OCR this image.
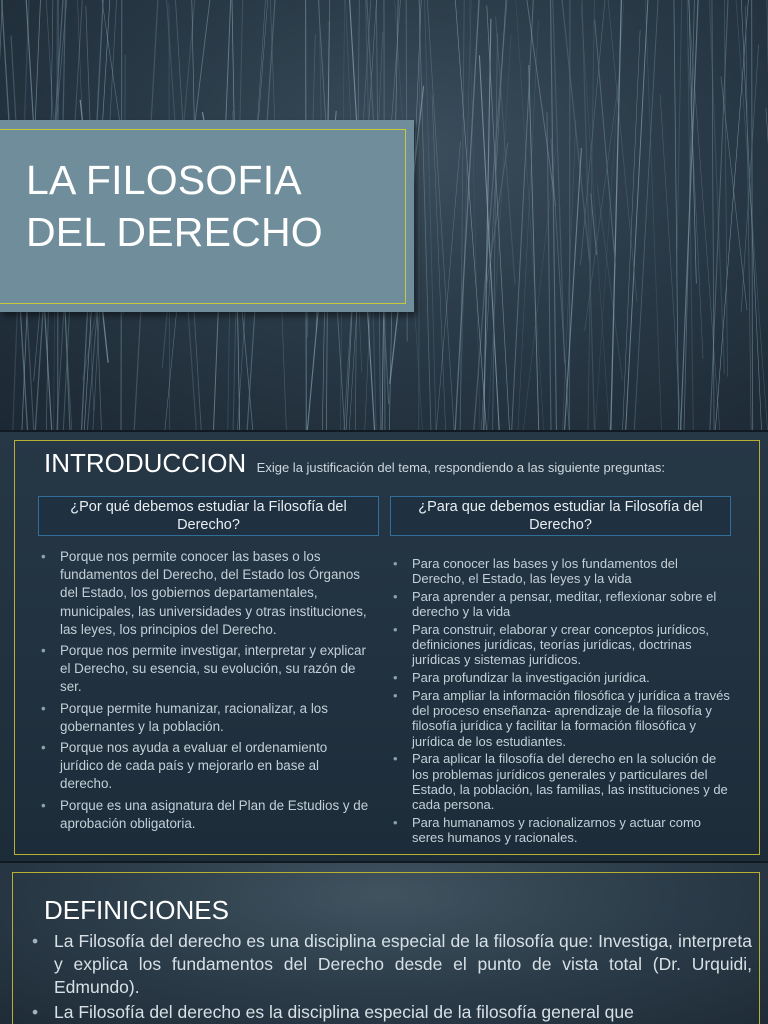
LA FILOSOFIA
DEL DERECHO
INTRODUCCION Exige la justificación del tema, respondiendo a las siguiente preguntas:
¿Por qué debemos estudiar la Filosofía del Derecho?
¿Para que debemos estudiar la Filosofía del Derecho?
• Porque nos permite conocer las bases o los fundamentos del Derecho, del Estado los Órganos del Estado, los gobiernos departamentales, municipales, las universidades y otras instituciones, las leyes, los principios del Derecho.
• Porque nos permite investigar, interpretar y explicar el Derecho, su esencia, su evolución, su razón de ser.
• Porque permite humanizar, racionalizar, a los gobernantes y la población.
• Porque nos ayuda a evaluar el ordenamiento jurídico de cada país y mejorarlo en base al derecho.
• Porque es una asignatura del Plan de Estudios y de aprobación obligatoria.
• Para conocer las bases y los fundamentos del Derecho, el Estado, las leyes y la vida
• Para aprender a pensar, meditar, reflexionar sobre el derecho y la vida
• Para construir, elaborar y crear conceptos jurídicos, definiciones jurídicas, teorías jurídicas, doctrinas jurídicas y sistemas jurídicos.
• Para profundizar la investigación jurídica.
• Para ampliar la información filosófica y jurídica a través del proceso enseñanza- aprendizaje de la filosofía y filosofía jurídica y facilitar la formación filosófica y jurídica de los estudiantes.
• Para aplicar la filosofía del derecho en la solución de los problemas jurídicos generales y particulares del Estado, la población, las familias, las instituciones y de cada persona.
• Para humanamos y racionalizarnos y actuar como seres humanos y racionales.
DEFINICIONES
• La Filosofía del derecho es una disciplina especial de la filosofía que: Investiga, interpreta y explica los fundamentos del Derecho desde el punto de vista total (Dr. Urquidi, Edmundo).
• La Filosofía del derecho es la disciplina especial de la filosofía general que
